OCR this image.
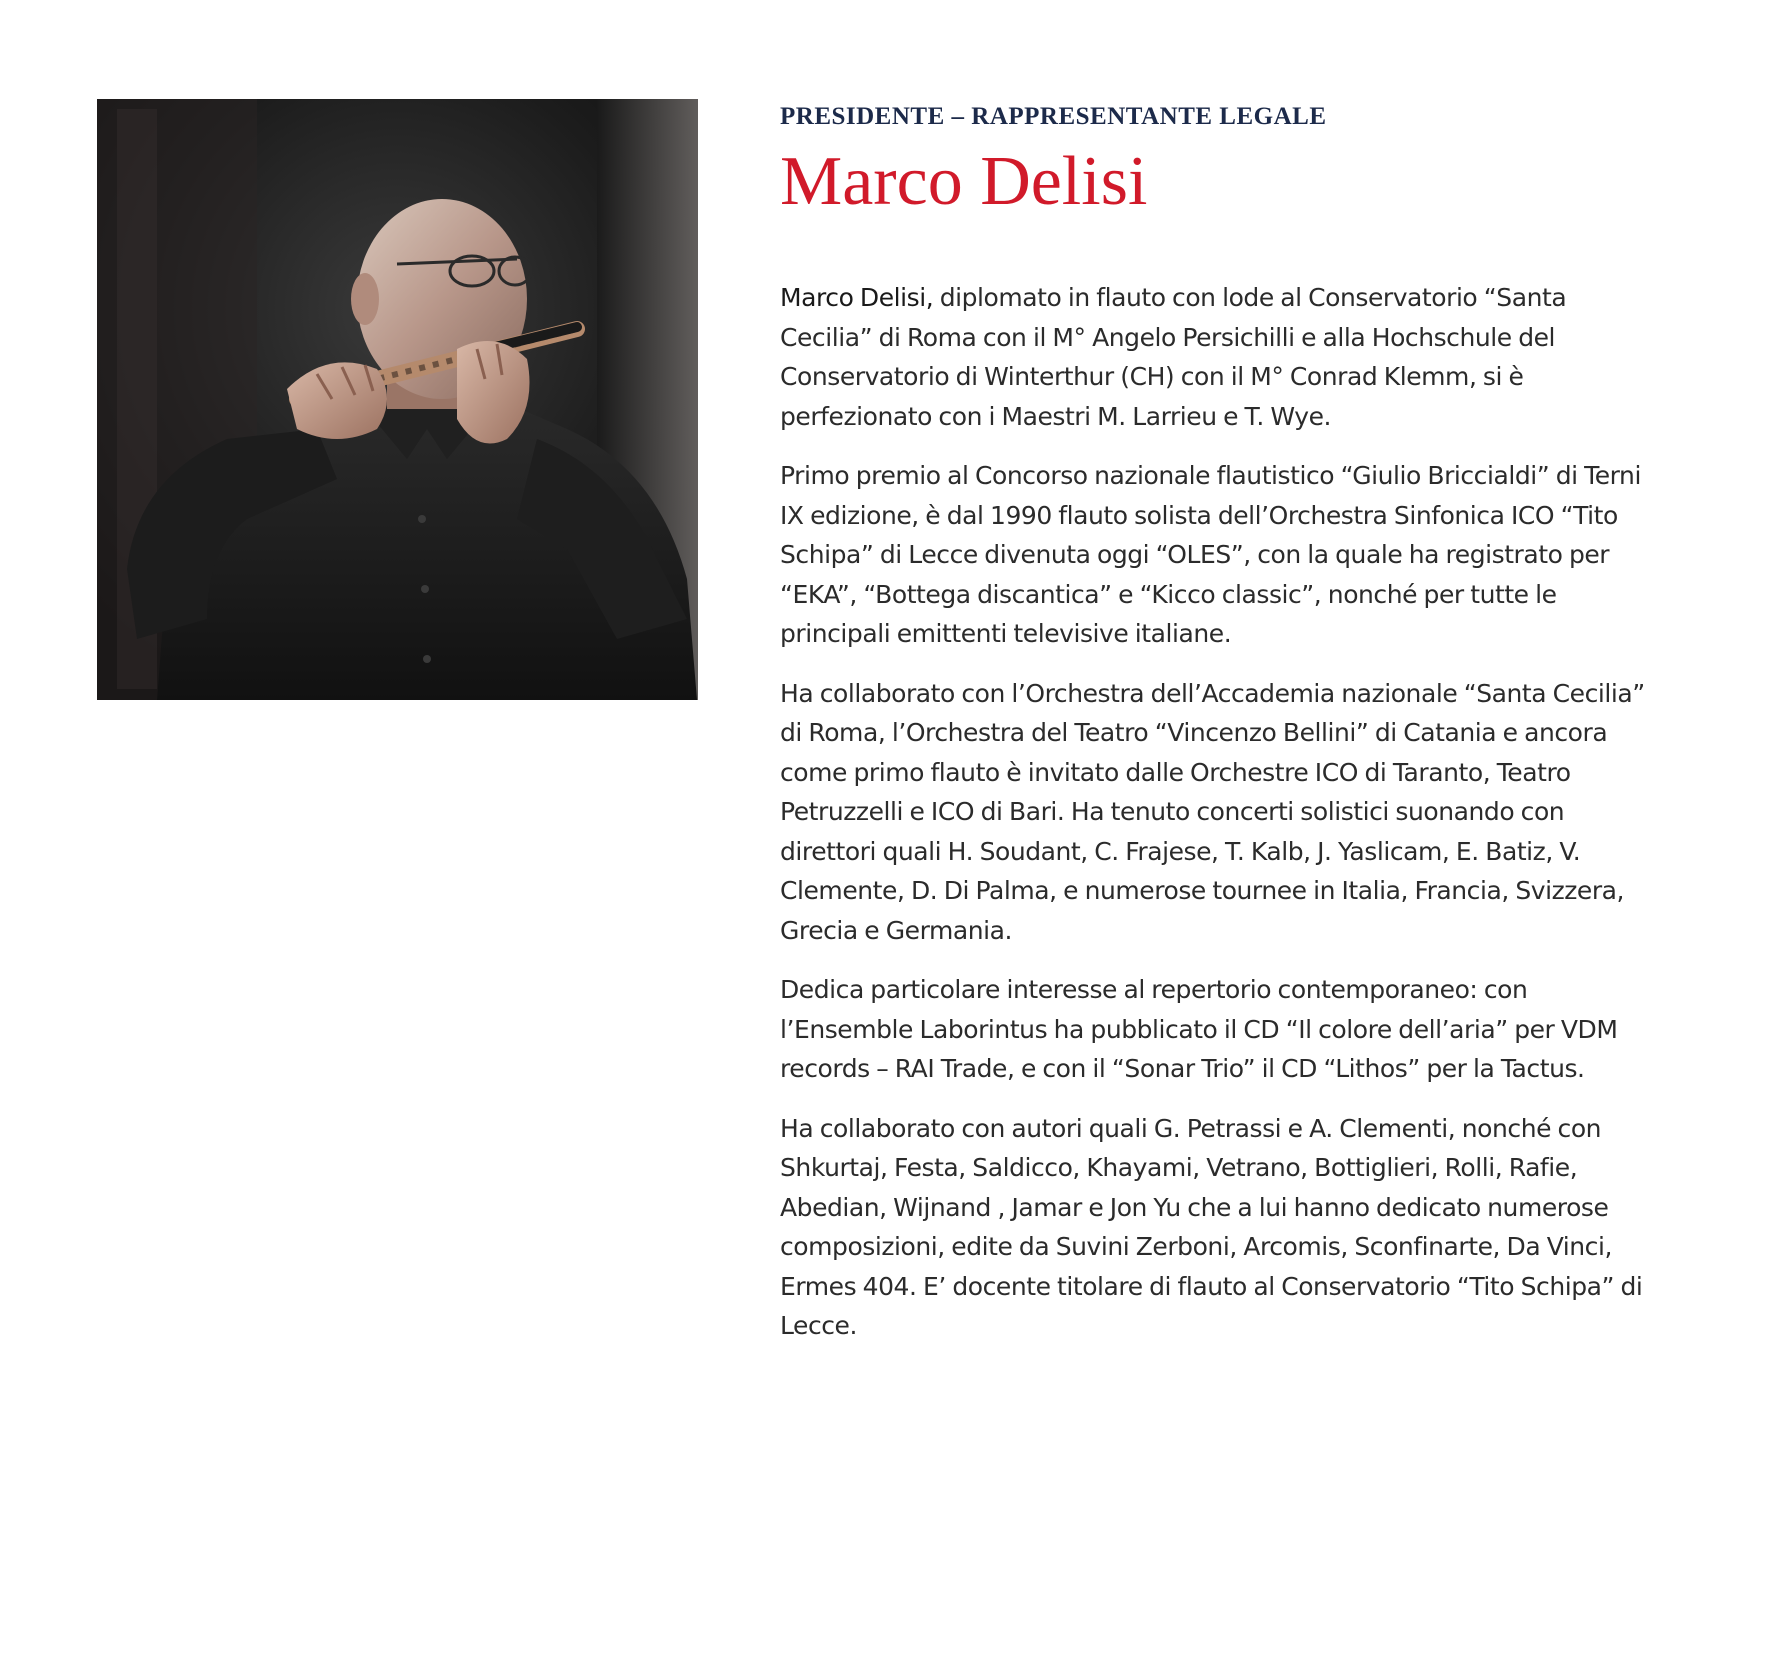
PRESIDENTE – RAPPRESENTANTE LEGALE
Marco Delisi

Marco Delisi, diplomato in flauto con lode al Conservatorio “Santa Cecilia” di Roma con il M° Angelo Persichilli e alla Hochschule del Conservatorio di Winterthur (CH) con il M° Conrad Klemm, si è perfezionato con i Maestri M. Larrieu e T. Wye.

Primo premio al Concorso nazionale flautistico “Giulio Briccialdi” di Terni IX edizione, è dal 1990 flauto solista dell’Orchestra Sinfonica ICO “Tito Schipa” di Lecce divenuta oggi “OLES”, con la quale ha registrato per “EKA”, “Bottega discantica” e “Kicco classic”, nonché per tutte le principali emittenti televisive italiane.

Ha collaborato con l’Orchestra dell’Accademia nazionale “Santa Cecilia” di Roma, l’Orchestra del Teatro “Vincenzo Bellini” di Catania e ancora come primo flauto è invitato dalle Orchestre ICO di Taranto, Teatro Petruzzelli e ICO di Bari. Ha tenuto concerti solistici suonando con direttori quali H. Soudant, C. Frajese, T. Kalb, J. Yaslicam, E. Batiz, V. Clemente, D. Di Palma, e numerose tournee in Italia, Francia, Svizzera, Grecia e Germania.

Dedica particolare interesse al repertorio contemporaneo: con l’Ensemble Laborintus ha pubblicato il CD “Il colore dell’aria” per VDM records – RAI Trade, e con il “Sonar Trio” il CD “Lithos” per la Tactus.

Ha collaborato con autori quali G. Petrassi e A. Clementi, nonché con Shkurtaj, Festa, Saldicco, Khayami, Vetrano, Bottiglieri, Rolli, Rafie, Abedian, Wijnand , Jamar e Jon Yu che a lui hanno dedicato numerose composizioni, edite da Suvini Zerboni, Arcomis, Sconfinarte, Da Vinci, Ermes 404. E’ docente titolare di flauto al Conservatorio “Tito Schipa” di Lecce.
